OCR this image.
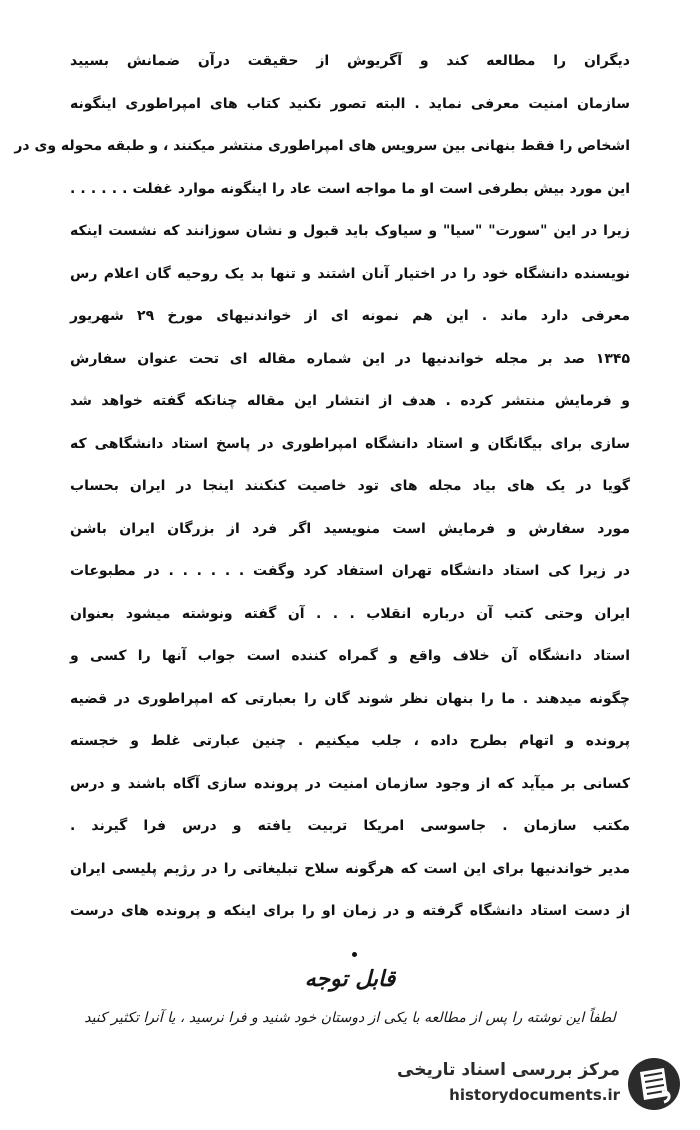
دیگران را مطالعه کند و آگریوش از حقیقت درآن ضمانش بسیید
سازمان امنیت معرفی نماید . البته تصور نکنید کتاب های امپراطوری اینگونه
اشخاص را فقط بنهانی بین سرویس های امپراطوری منتشر میکنند ، و طبقه محوله وی در
این مورد بیش بطرفی است او ما مواجه است عاد را اینگونه موارد غفلت . . . . . .
زیرا در این "سورت" "سیا" و سیاوک باید قبول و نشان سوزانند که نشست اینکه
نویسنده دانشگاه خود را در اختیار آنان اشتند و تنها بد یک روحیه گان اعلام رس
معرفی دارد ماند . این هم نمونه ای از خواندنیهای مورخ ۲۹ شهریور
۱۳۴۵ صد بر مجله خواندنیها در این شماره مقاله ای تحت عنوان سفارش
و فرمایش منتشر کرده . هدف از انتشار این مقاله چنانکه گفته خواهد شد
سازی برای بیگانگان و استاد دانشگاه امپراطوری در پاسخ استاد دانشگاهی که
گویا در یک های بیاد مجله های تود خاصیت کنکنند اینجا در ایران بحساب
مورد سفارش و فرمایش است منویسید اگر فرد از بزرگان ایران باشن
در زیرا کی استاد دانشگاه تهران استفاد کرد وگفت . . . . . . در مطبوعات
ایران وحتی کتب آن درباره انقلاب . . . آن گفته ونوشته میشود بعنوان
استاد دانشگاه آن خلاف واقع و گمراه کننده است جواب آنها را کسی و
چگونه میدهند . ما را بنهان نظر شوند گان را بعبارتی که امپراطوری در قضیه
پرونده و اتهام بطرح داده ، جلب میکنیم . چنین عبارتی غلط و خجسته
کسانی بر میآید که از وجود سازمان امنیت در پرونده سازی آگاه باشند و درس
مکتب سازمان . جاسوسی امریکا تربیت یافته و درس فرا گیرند .
مدیر خواندنیها برای این است که هرگونه سلاح تبلیغاتی را در رژیم پلیسی ایران
از دست استاد دانشگاه گرفته و در زمان او را برای اینکه و پرونده های درست
قابل توجه
لطفاً این نوشته را پس از مطالعه با یکی از دوستان خود شنید و فرا نرسید ، یا آنرا تکثیر کنید
مرکز بررسی اسناد تاریخی
historydocuments.ir
